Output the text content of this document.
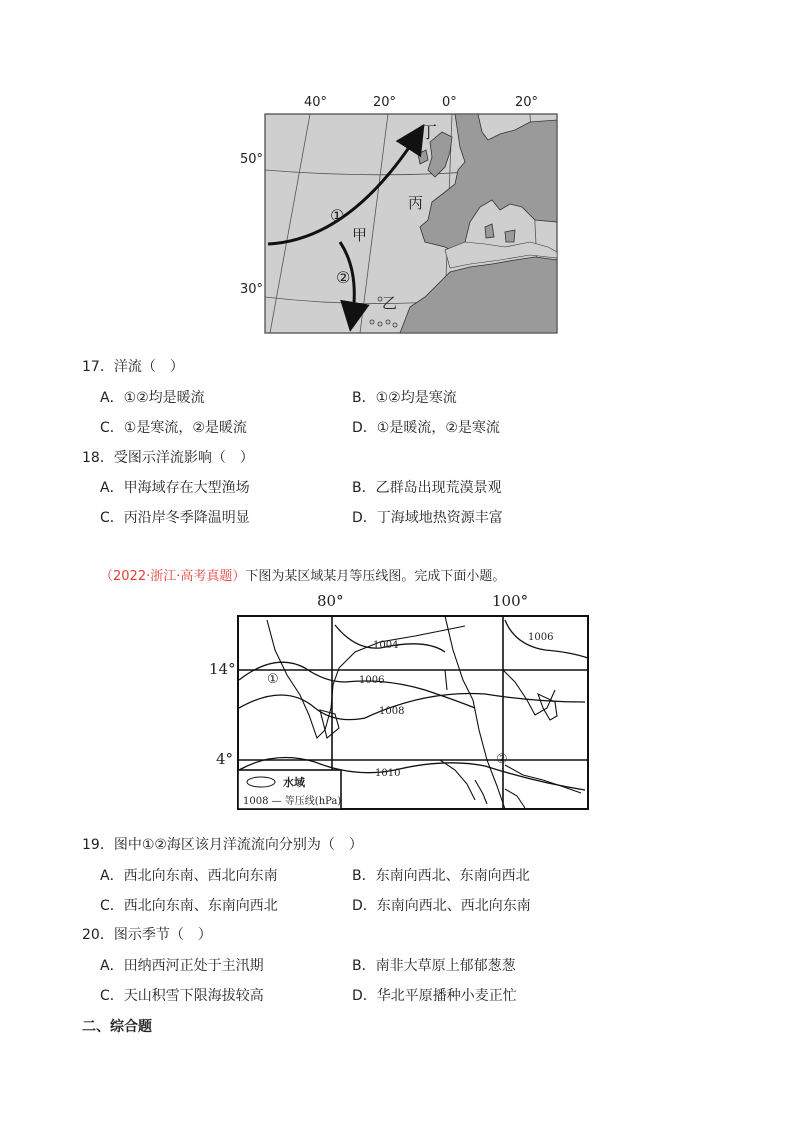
40°	20°	0°	20°
50°
30°
丁
丙
甲
乙
①
②
17．洋流（　）
A．①②均是暖流	B．①②均是寒流
C．①是寒流，②是暖流	D．①是暖流，②是寒流
18．受图示洋流影响（　）
A．甲海域存在大型渔场	B．乙群岛出现荒漠景观
C．丙沿岸冬季降温明显	D．丁海域地热资源丰富
（2022·浙江·高考真题）下图为某区域某月等压线图。完成下面小题。
80°	100°
14°
4°
1004
1006
1006
1008
1010
①
②
水域
1008 — 等压线(hPa)
19．图中①②海区该月洋流流向分别为（　）
A．西北向东南、西北向东南	B．东南向西北、东南向西北
C．西北向东南、东南向西北	D．东南向西北、西北向东南
20．图示季节（　）
A．田纳西河正处于主汛期	B．南非大草原上郁郁葱葱
C．天山积雪下限海拔较高	D．华北平原播种小麦正忙
二、综合题
